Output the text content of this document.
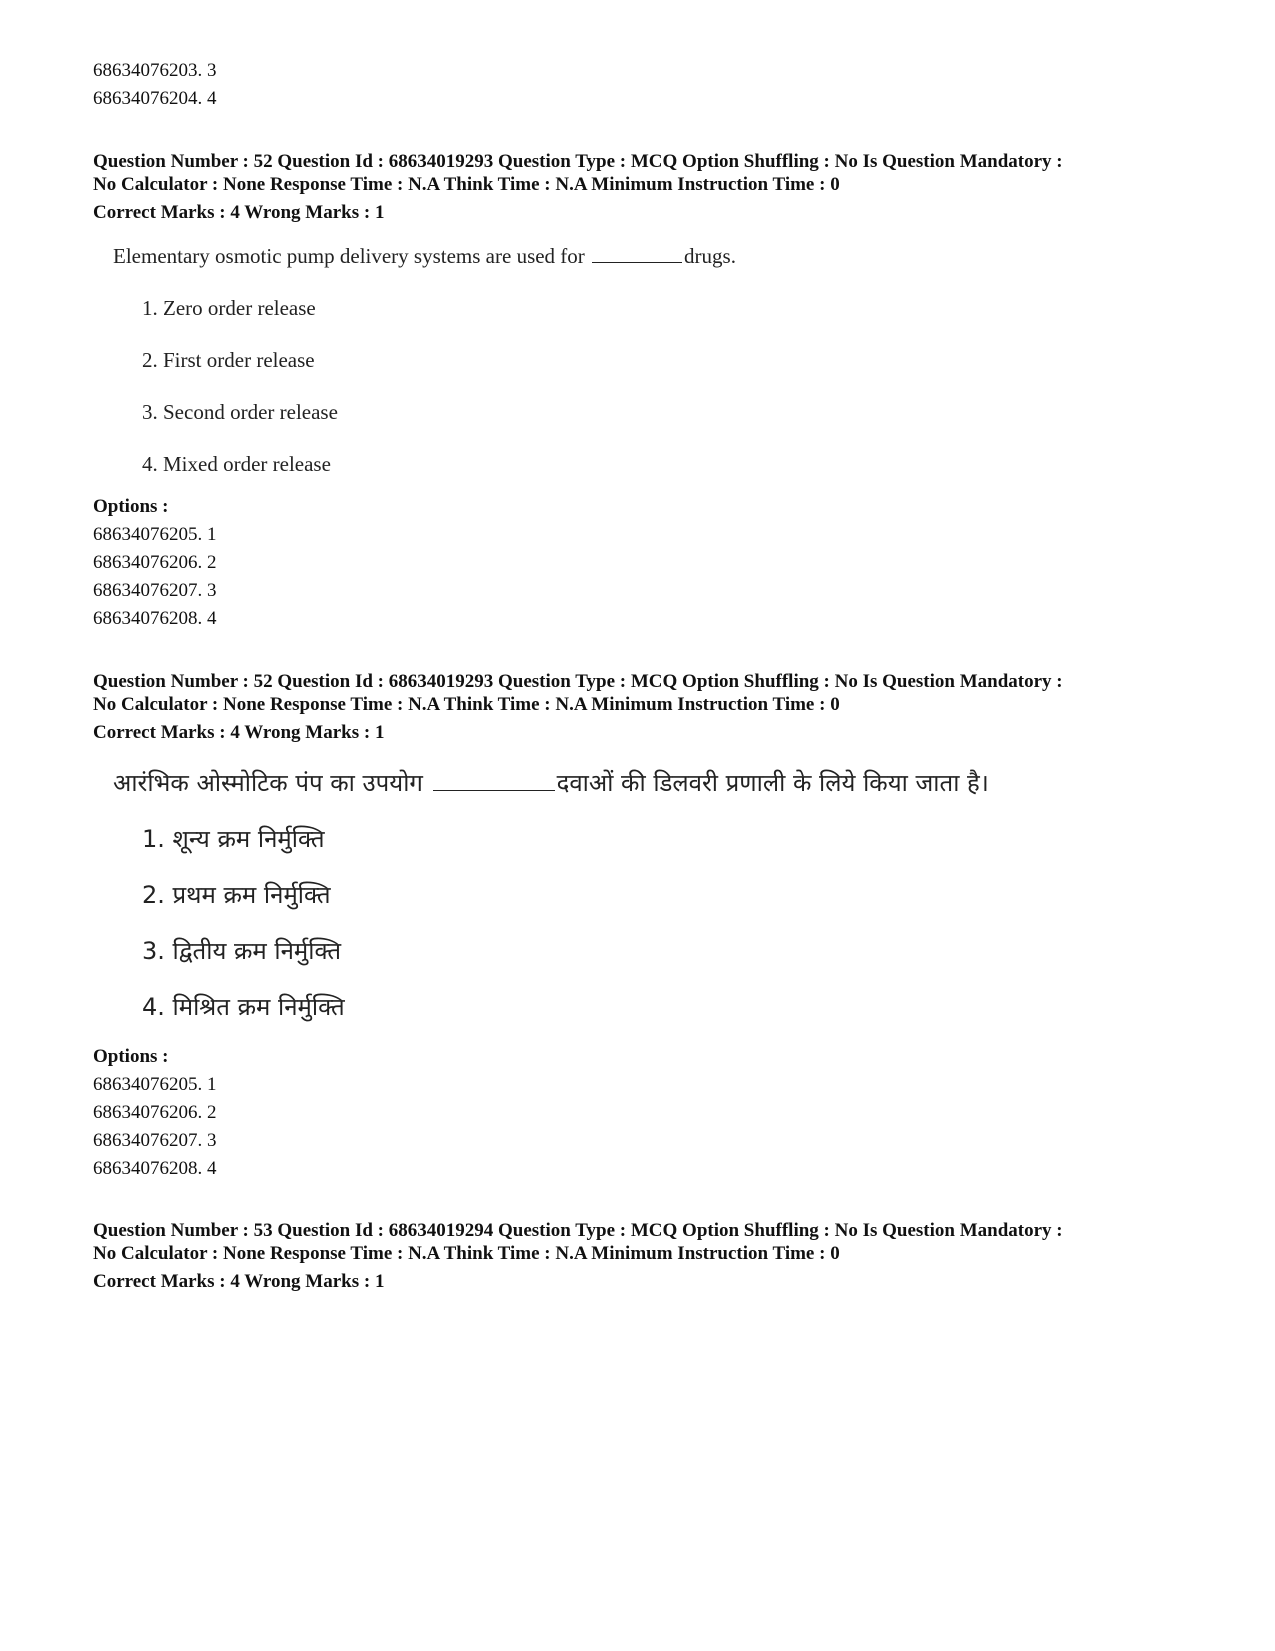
68634076203. 3
68634076204. 4
Question Number : 52 Question Id : 68634019293 Question Type : MCQ Option Shuffling : No Is Question Mandatory :
No Calculator : None Response Time : N.A Think Time : N.A Minimum Instruction Time : 0
Correct Marks : 4 Wrong Marks : 1
Elementary osmotic pump delivery systems are used for	drugs.
1. Zero order release
2. First order release
3. Second order release
4. Mixed order release
Options :
68634076205. 1
68634076206. 2
68634076207. 3
68634076208. 4
Question Number : 52 Question Id : 68634019293 Question Type : MCQ Option Shuffling : No Is Question Mandatory :
No Calculator : None Response Time : N.A Think Time : N.A Minimum Instruction Time : 0
Correct Marks : 4 Wrong Marks : 1
आरंभिक ओस्मोटिक पंप का उपयोग	दवाओं की डिलवरी प्रणाली के लिये किया जाता है।
1. शून्य क्रम निर्मुक्ति
2. प्रथम क्रम निर्मुक्ति
3. द्वितीय क्रम निर्मुक्ति
4. मिश्रित क्रम निर्मुक्ति
Options :
68634076205. 1
68634076206. 2
68634076207. 3
68634076208. 4
Question Number : 53 Question Id : 68634019294 Question Type : MCQ Option Shuffling : No Is Question Mandatory :
No Calculator : None Response Time : N.A Think Time : N.A Minimum Instruction Time : 0
Correct Marks : 4 Wrong Marks : 1
